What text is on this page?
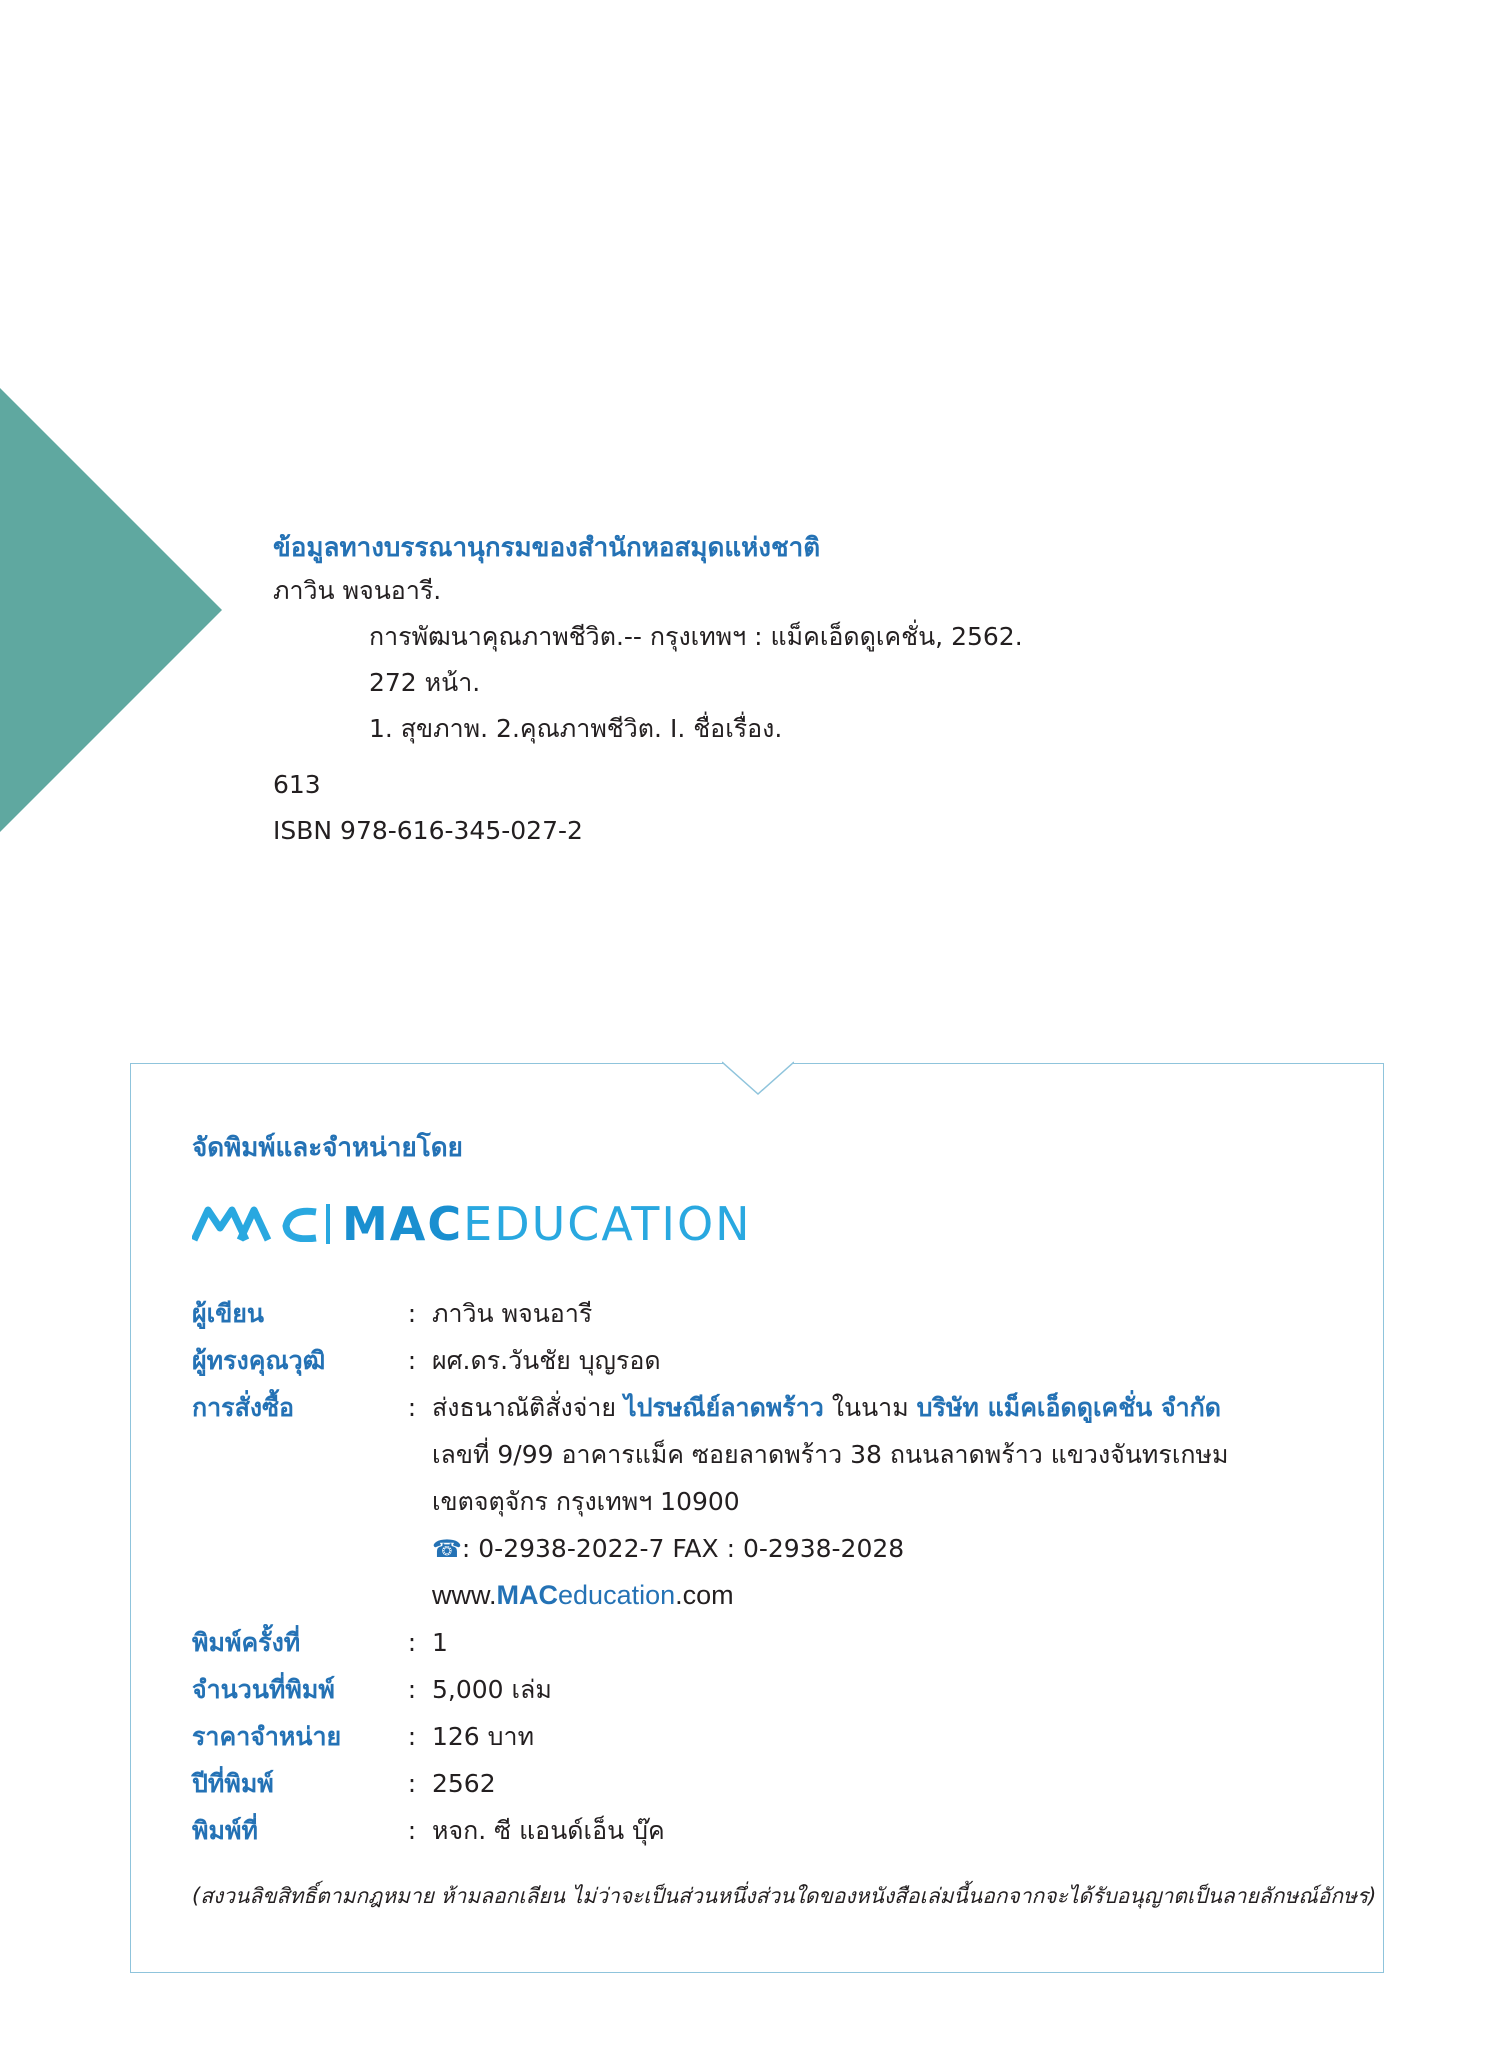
ข้อมูลทางบรรณานุกรมของสำนักหอสมุดแห่งชาติ
ภาวิน พจนอารี.
การพัฒนาคุณภาพชีวิต.-- กรุงเทพฯ : แม็คเอ็ดดูเคชั่น, 2562.
272 หน้า.
1. สุขภาพ. 2.คุณภาพชีวิต. I. ชื่อเรื่อง.
613
ISBN 978-616-345-027-2
จัดพิมพ์และจำหน่ายโดย
MACEDUCATION
ผู้เขียน	: ภาวิน พจนอารี
ผู้ทรงคุณวุฒิ	: ผศ.ดร.วันชัย บุญรอด
การสั่งซื้อ	: ส่งธนาณัติสั่งจ่าย ไปรษณีย์ลาดพร้าว ในนาม บริษัท แม็คเอ็ดดูเคชั่น จำกัด
เลขที่ 9/99 อาคารแม็ค ซอยลาดพร้าว 38 ถนนลาดพร้าว แขวงจันทรเกษม
เขตจตุจักร กรุงเทพฯ 10900
☎ : 0-2938-2022-7 FAX : 0-2938-2028
www.MACeducation.com
พิมพ์ครั้งที่	: 1
จำนวนที่พิมพ์	: 5,000 เล่ม
ราคาจำหน่าย	: 126 บาท
ปีที่พิมพ์	: 2562
พิมพ์ที่	: หจก. ซี แอนด์เอ็น บุ๊ค
(สงวนลิขสิทธิ์ตามกฎหมาย ห้ามลอกเลียน ไม่ว่าจะเป็นส่วนหนึ่งส่วนใดของหนังสือเล่มนี้นอกจากจะได้รับอนุญาตเป็นลายลักษณ์อักษร)
